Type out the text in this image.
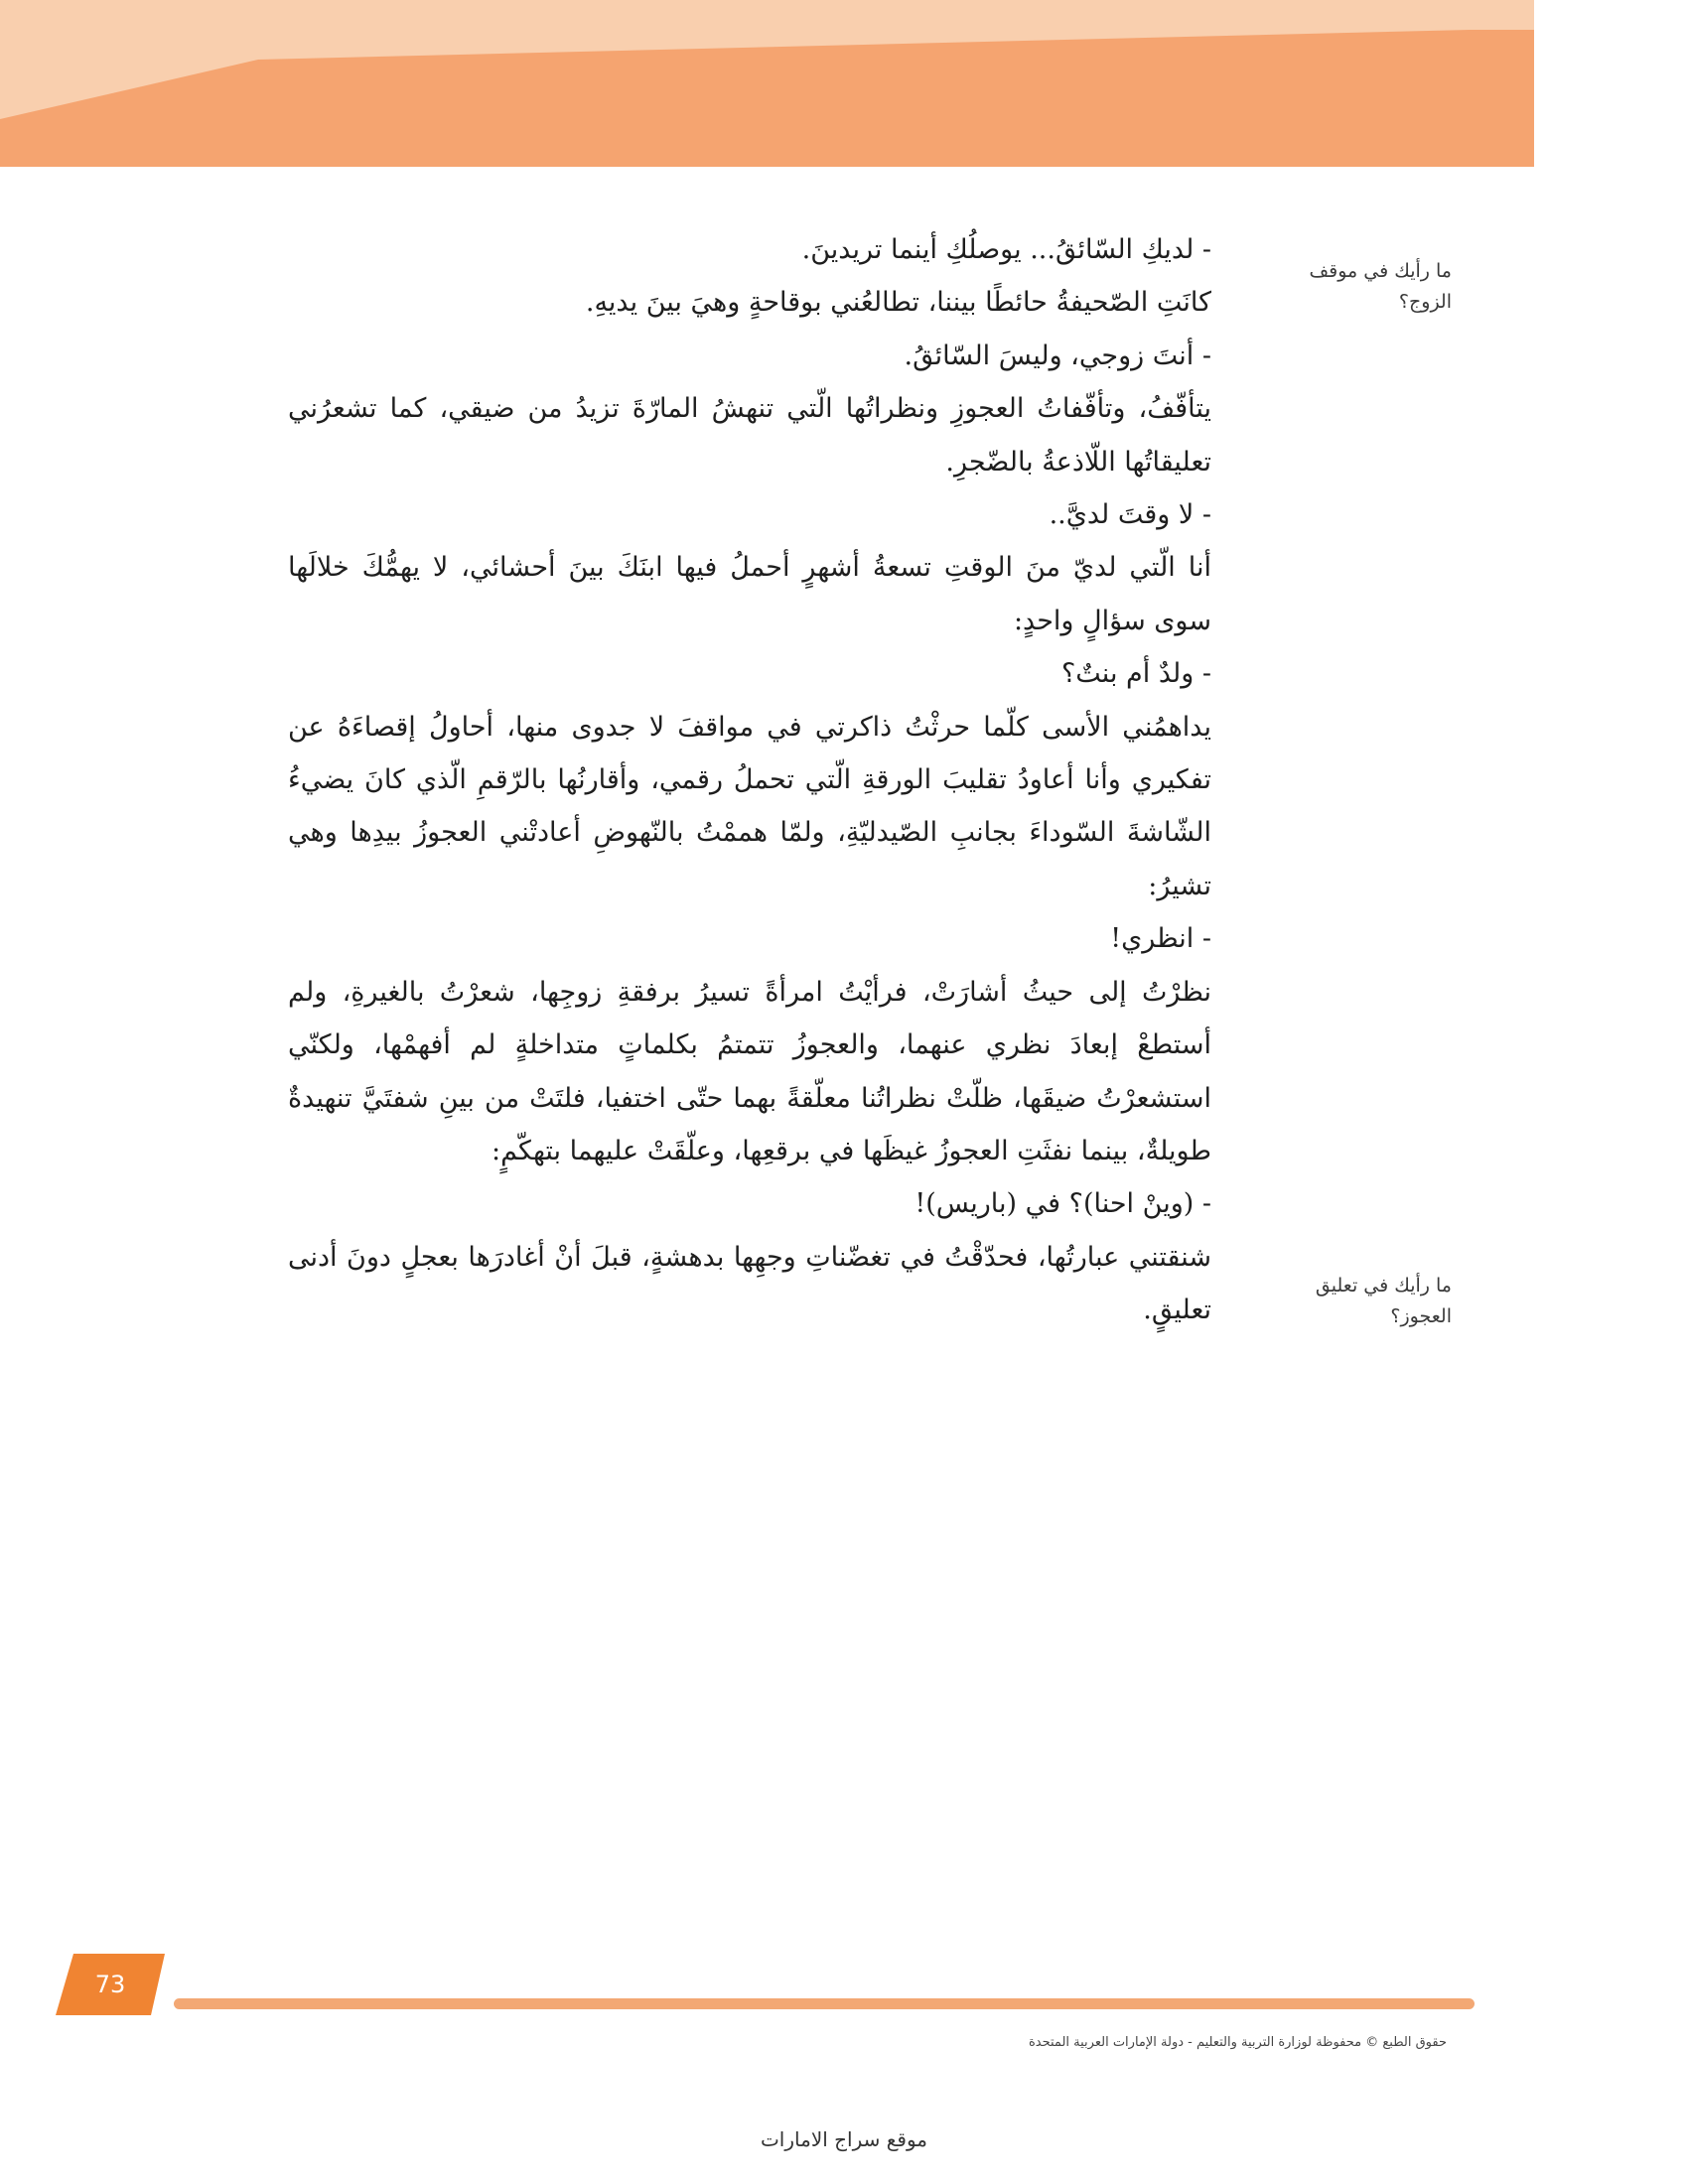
ما رأيك في موقف الزوج؟
ما رأيك في تعليق العجوز؟

- لديكِ السّائقُ... يوصلُكِ أينما تريدينَ.

كانَتِ الصّحيفةُ حائطًا بيننا، تطالعُني بوقاحةٍ وهيَ بينَ يديهِ.

- أنتَ زوجي، وليسَ السّائقُ.

يتأفّفُ، وتأفّفاتُ العجوزِ ونظراتُها الّتي تنهشُ المارّةَ تزيدُ من ضيقي، كما تشعرُني تعليقاتُها اللّاذعةُ بالضّجرِ.

- لا وقتَ لديَّ..

أنا الّتي لديّ منَ الوقتِ تسعةُ أشهرٍ أحملُ فيها ابنَكَ بينَ أحشائي، لا يهمُّكَ خلالَها سوى سؤالٍ واحدٍ:

- ولدٌ أم بنتٌ؟

يداهمُني الأسى كلّما حرثْتُ ذاكرتي في مواقفَ لا جدوى منها، أحاولُ إقصاءَهُ عن تفكيري وأنا أعاودُ تقليبَ الورقةِ الّتي تحملُ رقمي، وأقارنُها بالرّقمِ الّذي كانَ يضيءُ الشّاشةَ السّوداءَ بجانبِ الصّيدليّةِ، ولمّا هممْتُ بالنّهوضِ أعادتْني العجوزُ بيدِها وهي تشيرُ:

- انظري!

نظرْتُ إلى حيثُ أشارَتْ، فرأيْتُ امرأةً تسيرُ برفقةِ زوجِها، شعرْتُ بالغيرةِ، ولم أستطعْ إبعادَ نظري عنهما، والعجوزُ تتمتمُ بكلماتٍ متداخلةٍ لم أفهمْها، ولكنّي استشعرْتُ ضيقَها، ظلّتْ نظراتُنا معلّقةً بهما حتّى اختفيا، فلتَتْ من بينِ شفتَيَّ تنهيدةٌ طويلةٌ، بينما نفثَتِ العجوزُ غيظَها في برقعِها، وعلّقَتْ عليهما بتهكّمٍ:

- (وينْ احنا)؟ في (باريس)!

شنقتني عبارتُها، فحدّقْتُ في تغضّناتِ وجهِها بدهشةٍ، قبلَ أنْ أغادرَها بعجلٍ دونَ أدنى تعليقٍ.

73
حقوق الطبع © محفوظة لوزارة التربية والتعليم - دولة الإمارات العربية المتحدة
موقع سراج الامارات
